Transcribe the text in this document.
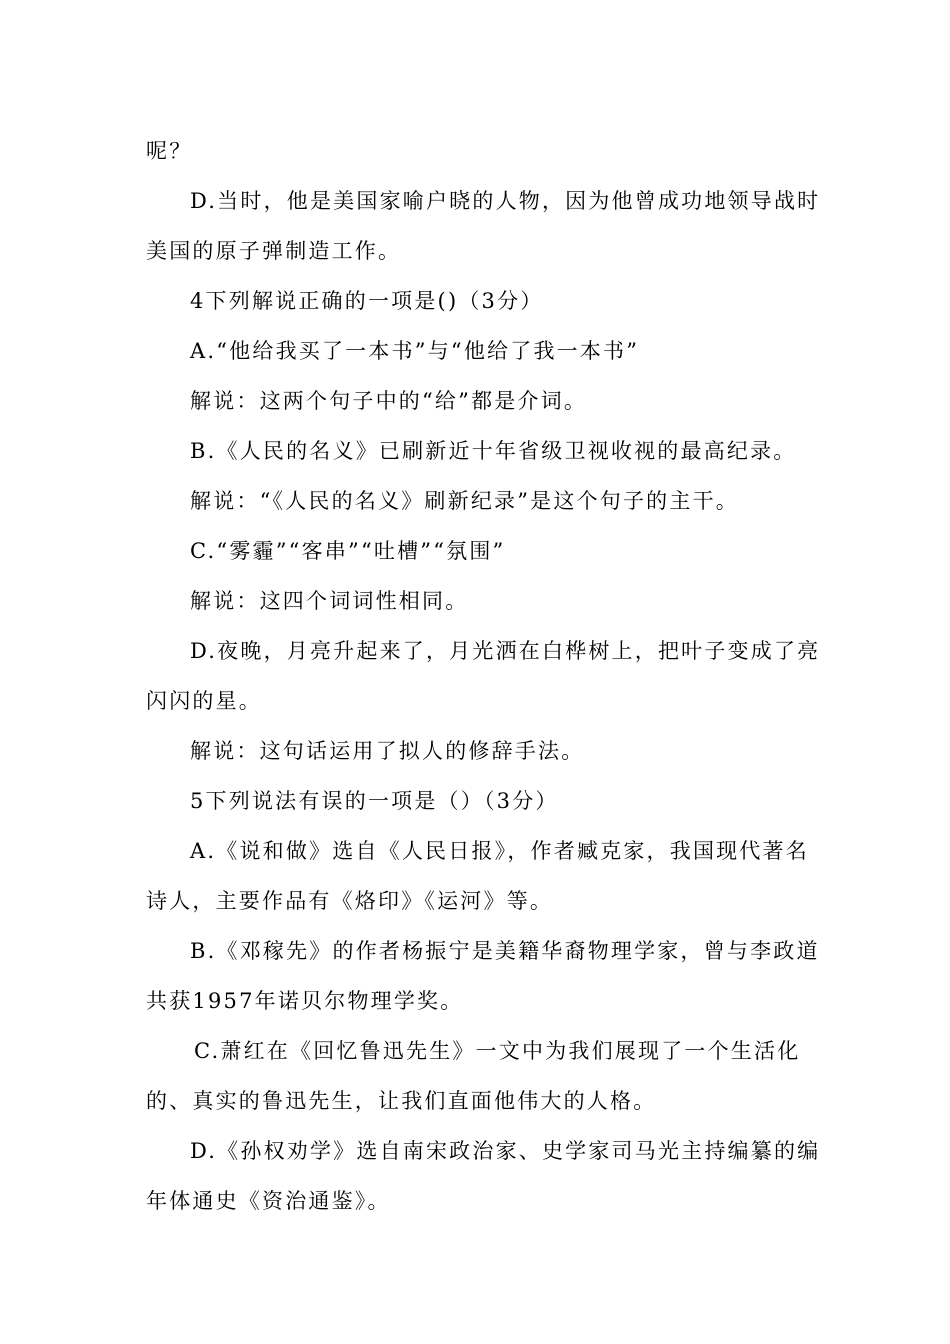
呢？
D.当时，他是美国家喻户晓的人物，因为他曾成功地领导战时
美国的原子弹制造工作。
4下列解说正确的一项是()（3分）
A.“他给我买了一本书”与“他给了我一本书”
解说：这两个句子中的“给”都是介词。
B.《人民的名义》已刷新近十年省级卫视收视的最高纪录。
解说：“《人民的名义》刷新纪录”是这个句子的主干。
C.“雾霾”“客串”“吐槽”“氛围”
解说：这四个词词性相同。
D.夜晚，月亮升起来了，月光洒在白桦树上，把叶子变成了亮
闪闪的星。
解说：这句话运用了拟人的修辞手法。
5下列说法有误的一项是（）（3分）
A.《说和做》选自《人民日报》，作者臧克家，我国现代著名
诗人，主要作品有《烙印》《运河》等。
B.《邓稼先》的作者杨振宁是美籍华裔物理学家，曾与李政道
共获1957年诺贝尔物理学奖。
C.萧红在《回忆鲁迅先生》一文中为我们展现了一个生活化
的、真实的鲁迅先生，让我们直面他伟大的人格。
D.《孙权劝学》选自南宋政治家、史学家司马光主持编纂的编
年体通史《资治通鉴》。
